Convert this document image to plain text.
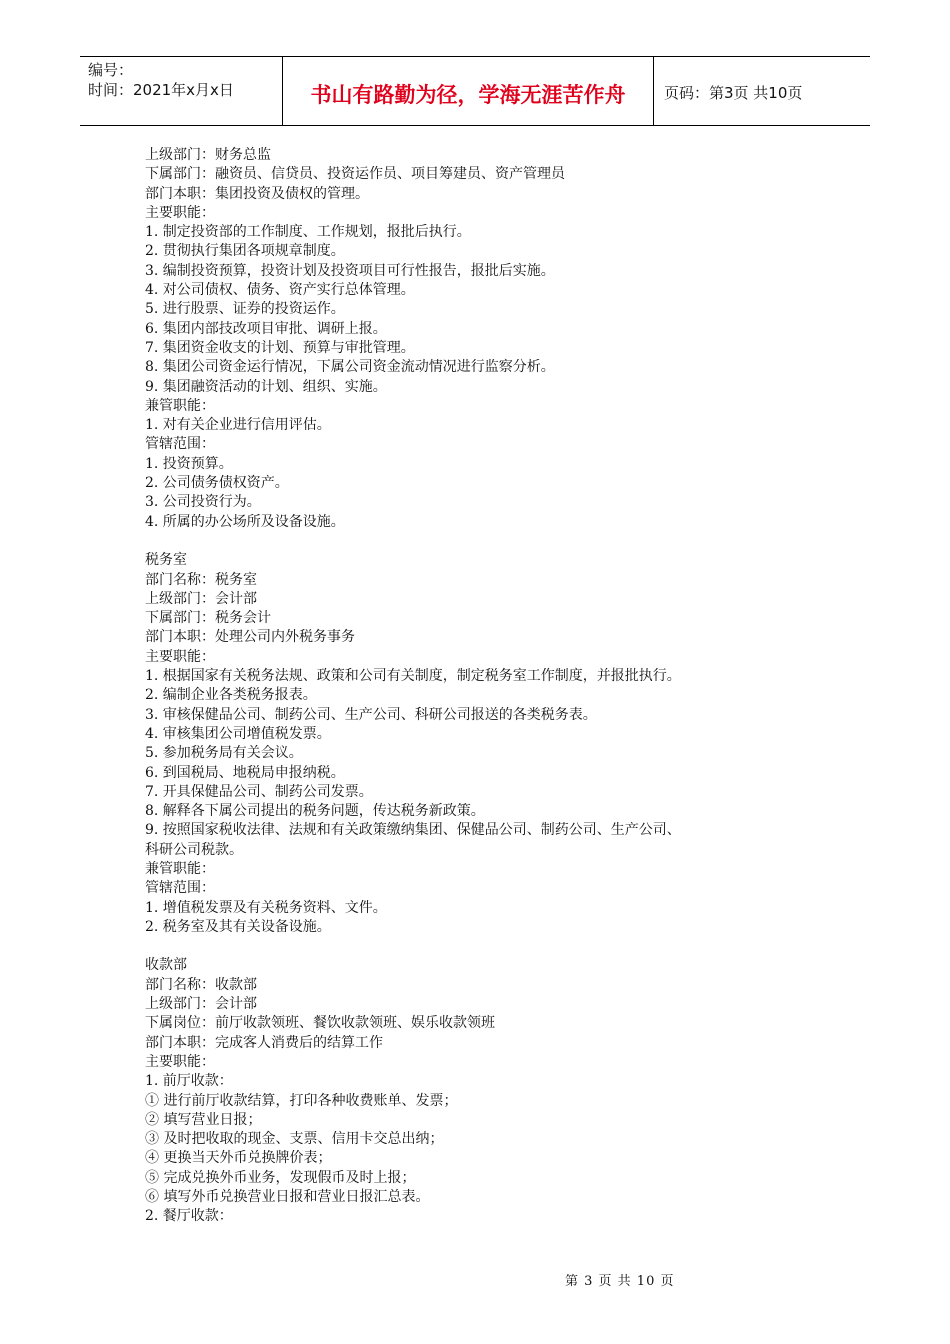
编号：
时间：2021年x月x日	书山有路勤为径，学海无涯苦作舟	页码：第3页 共10页
上级部门：财务总监
下属部门：融资员、信贷员、投资运作员、项目筹建员、资产管理员
部门本职：集团投资及债权的管理。
主要职能：
1. 制定投资部的工作制度、工作规划，报批后执行。
2. 贯彻执行集团各项规章制度。
3. 编制投资预算，投资计划及投资项目可行性报告，报批后实施。
4. 对公司债权、债务、资产实行总体管理。
5. 进行股票、证券的投资运作。
6. 集团内部技改项目审批、调研上报。
7. 集团资金收支的计划、预算与审批管理。
8. 集团公司资金运行情况，下属公司资金流动情况进行监察分析。
9. 集团融资活动的计划、组织、实施。
兼管职能：
1. 对有关企业进行信用评估。
管辖范围：
1. 投资预算。
2. 公司债务债权资产。
3. 公司投资行为。
4. 所属的办公场所及设备设施。
税务室
部门名称：税务室
上级部门：会计部
下属部门：税务会计
部门本职：处理公司内外税务事务
主要职能：
1. 根据国家有关税务法规、政策和公司有关制度，制定税务室工作制度，并报批执行。
2. 编制企业各类税务报表。
3. 审核保健品公司、制药公司、生产公司、科研公司报送的各类税务表。
4. 审核集团公司增值税发票。
5. 参加税务局有关会议。
6. 到国税局、地税局申报纳税。
7. 开具保健品公司、制药公司发票。
8. 解释各下属公司提出的税务问题，传达税务新政策。
9. 按照国家税收法律、法规和有关政策缴纳集团、保健品公司、制药公司、生产公司、
科研公司税款。
兼管职能：
管辖范围：
1. 增值税发票及有关税务资料、文件。
2. 税务室及其有关设备设施。
收款部
部门名称：收款部
上级部门：会计部
下属岗位：前厅收款领班、餐饮收款领班、娱乐收款领班
部门本职：完成客人消费后的结算工作
主要职能：
1. 前厅收款：
① 进行前厅收款结算，打印各种收费账单、发票；
② 填写营业日报；
③ 及时把收取的现金、支票、信用卡交总出纳；
④ 更换当天外币兑换牌价表；
⑤ 完成兑换外币业务，发现假币及时上报；
⑥ 填写外币兑换营业日报和营业日报汇总表。
2. 餐厅收款：
第 3 页 共 10 页
